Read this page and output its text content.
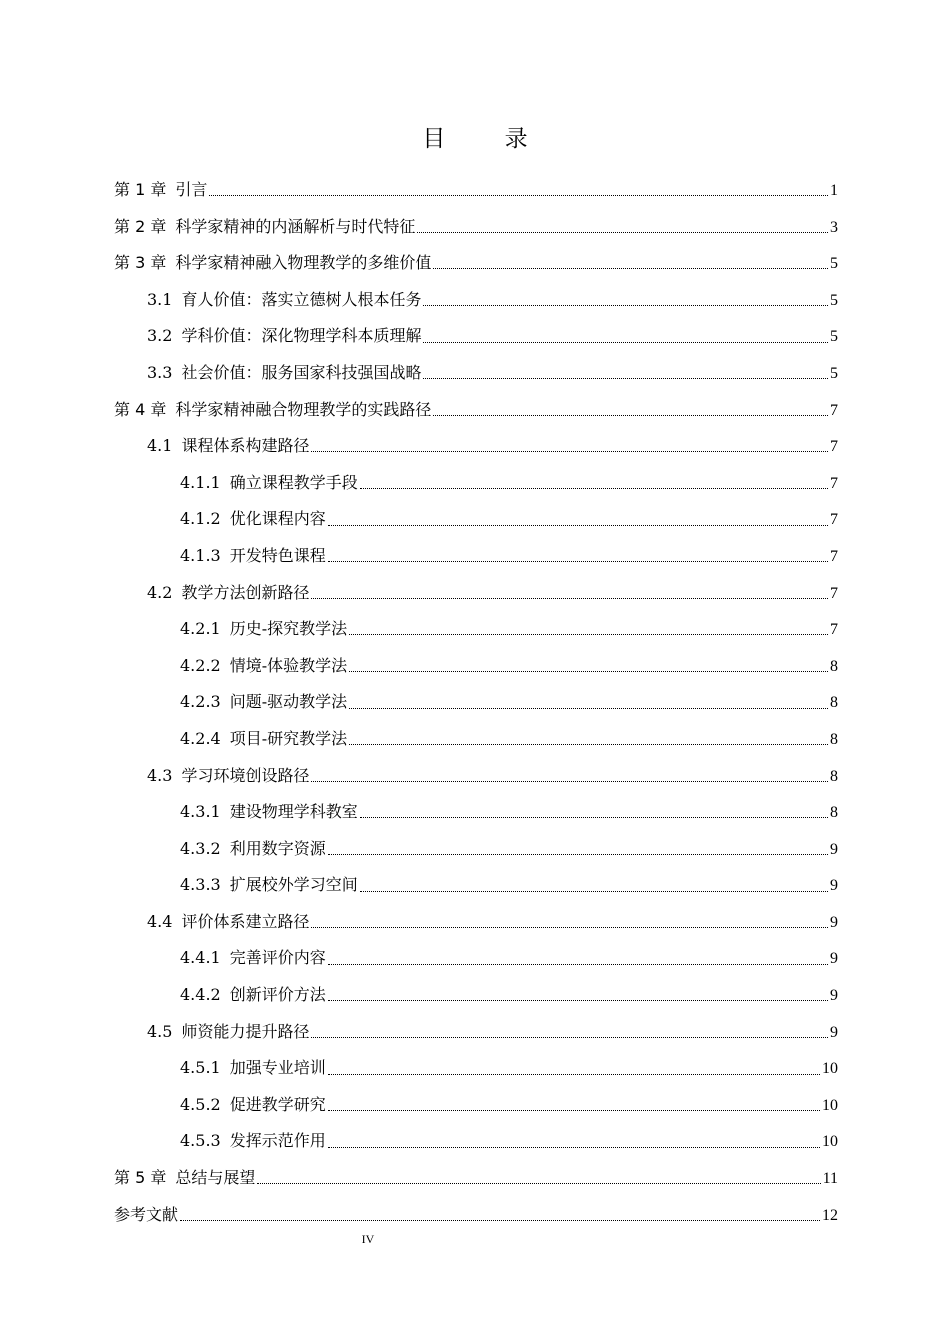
目 录
第 1 章 引言	1
第 2 章 科学家精神的内涵解析与时代特征	3
第 3 章 科学家精神融入物理教学的多维价值	5
3.1 育人价值：落实立德树人根本任务	5
3.2 学科价值：深化物理学科本质理解	5
3.3 社会价值：服务国家科技强国战略	5
第 4 章 科学家精神融合物理教学的实践路径	7
4.1 课程体系构建路径	7
4.1.1 确立课程教学手段	7
4.1.2 优化课程内容	7
4.1.3 开发特色课程	7
4.2 教学方法创新路径	7
4.2.1 历史-探究教学法	7
4.2.2 情境-体验教学法	8
4.2.3 问题-驱动教学法	8
4.2.4 项目-研究教学法	8
4.3 学习环境创设路径	8
4.3.1 建设物理学科教室	8
4.3.2 利用数字资源	9
4.3.3 扩展校外学习空间	9
4.4 评价体系建立路径	9
4.4.1 完善评价内容	9
4.4.2 创新评价方法	9
4.5 师资能力提升路径	9
4.5.1 加强专业培训	10
4.5.2 促进教学研究	10
4.5.3 发挥示范作用	10
第 5 章 总结与展望	11
参考文献	12
IV
